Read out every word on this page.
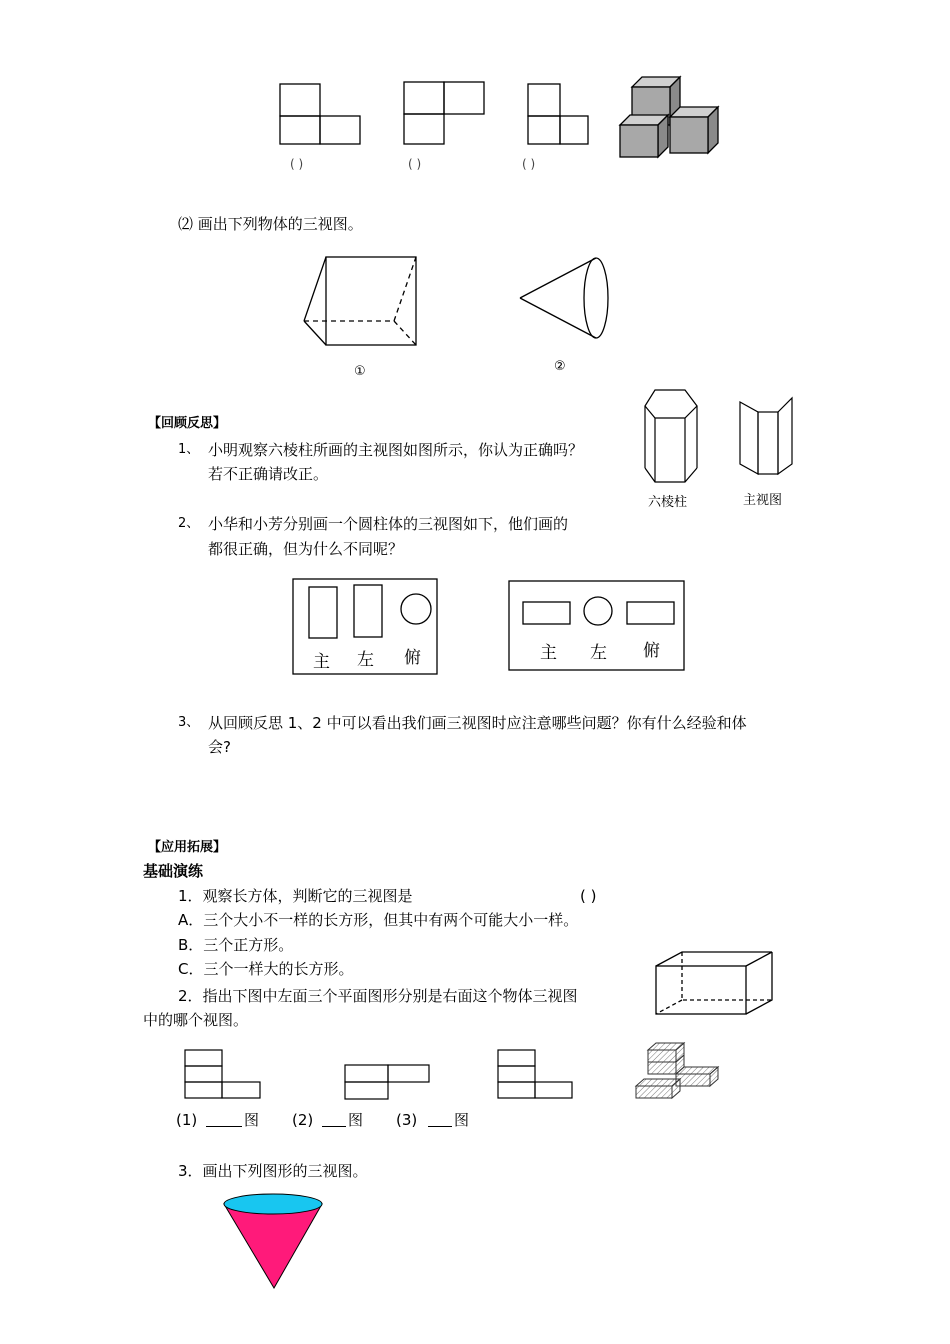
( )	( )	( )
⑵ 画出下列物体的三视图。
①	②
【回顾反思】
1、 小明观察六棱柱所画的主视图如图所示，你认为正确吗？
若不正确请改正。
六棱柱	主视图
2、 小华和小芳分别画一个圆柱体的三视图如下，他们画的
都很正确，但为什么不同呢？
主 左 俯	主 左 俯
3、 从回顾反思 1、2 中可以看出我们画三视图时应注意哪些问题？你有什么经验和体
会?
【应用拓展】
基础演练
1．观察长方体，判断它的三视图是	( )
A．三个大小不一样的长方形，但其中有两个可能大小一样。
B．三个正方形。
C．三个一样大的长方形。
2．指出下图中左面三个平面图形分别是右面这个物体三视图
中的哪个视图。
(1)	图 (2) 图 (3) 图
3．画出下列图形的三视图。
